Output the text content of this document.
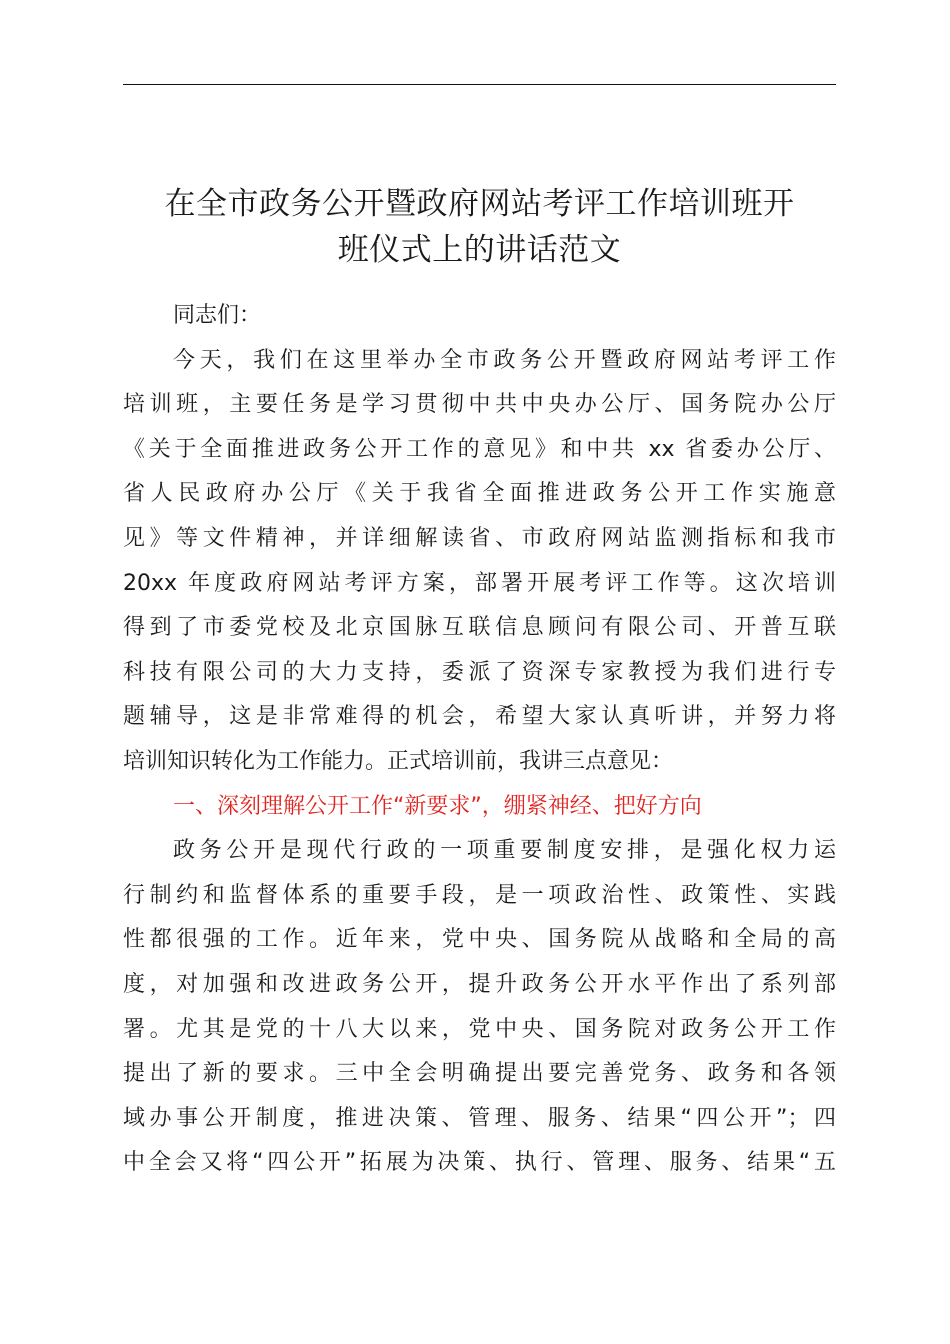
在全市政务公开暨政府网站考评工作培训班开
班仪式上的讲话范文
同志们：
今天，我们在这里举办全市政务公开暨政府网站考评工作
培训班，主要任务是学习贯彻中共中央办公厅、国务院办公厅
《关于全面推进政务公开工作的意见》和中共 xx 省委办公厅、
省人民政府办公厅《关于我省全面推进政务公开工作实施意
见》等文件精神，并详细解读省、市政府网站监测指标和我市
20xx 年度政府网站考评方案，部署开展考评工作等。这次培训
得到了市委党校及北京国脉互联信息顾问有限公司、开普互联
科技有限公司的大力支持，委派了资深专家教授为我们进行专
题辅导，这是非常难得的机会，希望大家认真听讲，并努力将
培训知识转化为工作能力。正式培训前，我讲三点意见：
一、深刻理解公开工作“新要求”，绷紧神经、把好方向
政务公开是现代行政的一项重要制度安排，是强化权力运
行制约和监督体系的重要手段，是一项政治性、政策性、实践
性都很强的工作。近年来，党中央、国务院从战略和全局的高
度，对加强和改进政务公开，提升政务公开水平作出了系列部
署。尤其是党的十八大以来，党中央、国务院对政务公开工作
提出了新的要求。三中全会明确提出要完善党务、政务和各领
域办事公开制度，推进决策、管理、服务、结果“四公开”；四
中全会又将“四公开”拓展为决策、执行、管理、服务、结果“五
